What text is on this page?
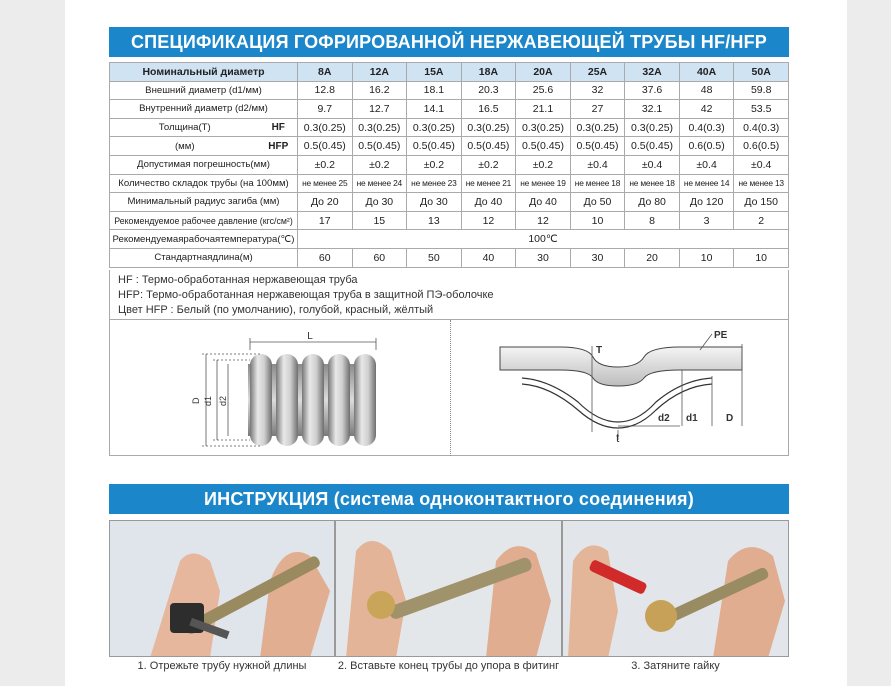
СПЕЦИФИКАЦИЯ ГОФРИРОВАННОЙ НЕРЖАВЕЮЩЕЙ ТРУБЫ HF/HFP
Номинальный диаметр		8A	12A	15A	18A	20A	25A	32A	40A	50A
Внешний диаметр (d1/мм)		12.8	16.2	18.1	20.3	25.6	32	37.6	48	59.8
Внутренний диаметр (d2/мм)		9.7	12.7	14.1	16.5	21.1	27	32.1	42	53.5
Толщина(T)	HF	0.3(0.25)	0.3(0.25)	0.3(0.25)	0.3(0.25)	0.3(0.25)	0.3(0.25)	0.3(0.25)	0.4(0.3)	0.4(0.3)
(мм)	HFP	0.5(0.45)	0.5(0.45)	0.5(0.45)	0.5(0.45)	0.5(0.45)	0.5(0.45)	0.5(0.45)	0.6(0.5)	0.6(0.5)
Допустимая погрешность(мм)		±0.2	±0.2	±0.2	±0.2	±0.2	±0.4	±0.4	±0.4	±0.4
Количество складок трубы (на 100мм)		не менее 25	не менее 24	не менее 23	не менее 21	не менее 19	не менее 18	не менее 18	не менее 14	не менее 13
Минимальный радиус загиба (мм)		До 20	До 30	До 30	До 40	До 40	До 50	До 80	До 120	До 150
Рекомендуемое рабочее давление (кгс/см²)		17	15	13	12	12	10	8	3	2
Рекомендуемаярабочаятемпература(℃)		100℃								
Стандартнаядлина(м)		60	60	50	40	30	30	20	10	10
HF : Термо-обработанная нержавеющая труба
HFP: Термо-обработанная нержавеющая труба в защитной ПЭ-оболочке
Цвет HFP : Белый (по умолчанию), голубой, красный, жёлтый
L
D d1 d2
T
t
PE
d2 d1	D
ИНСТРУКЦИЯ (система одноконтактного соединения)
1. Отрежьте трубу нужной длины	2. Вставьте конец трубы до упора в фитинг	3. Затяните гайку
